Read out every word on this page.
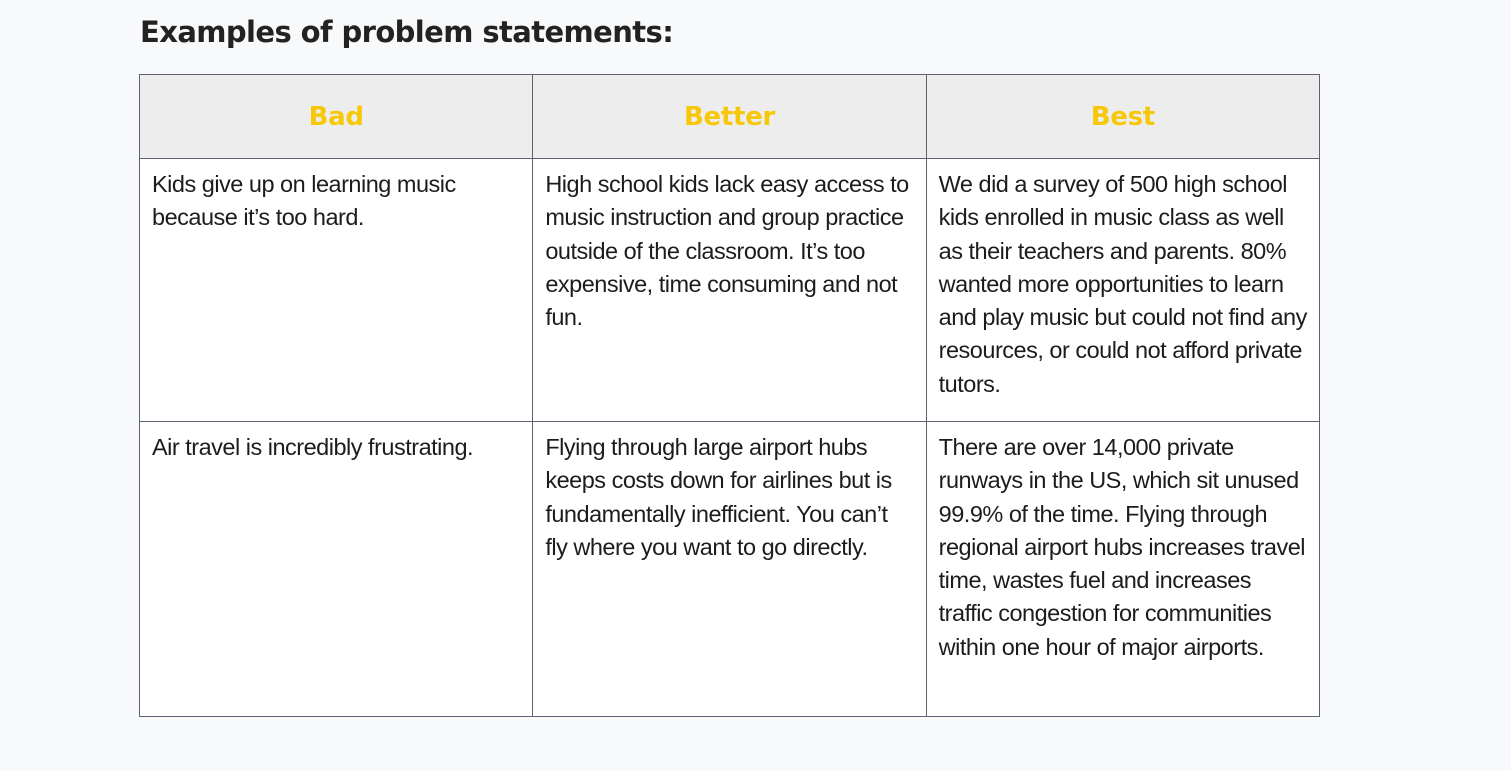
Examples of problem statements:
Bad	Better	Best
Kids give up on learning music because it’s too hard.	High school kids lack easy access to music instruction and group practice outside of the classroom. It’s too expensive, time consuming and not fun.	We did a survey of 500 high school kids enrolled in music class as well as their teachers and parents. 80% wanted more opportunities to learn and play music but could not find any resources, or could not afford private tutors.
Air travel is incredibly frustrating.	Flying through large airport hubs keeps costs down for airlines but is fundamentally inefficient. You can’t fly where you want to go directly.	There are over 14,000 private runways in the US, which sit unused 99.9% of the time. Flying through regional airport hubs increases travel time, wastes fuel and increases traffic congestion for communities within one hour of major airports.
